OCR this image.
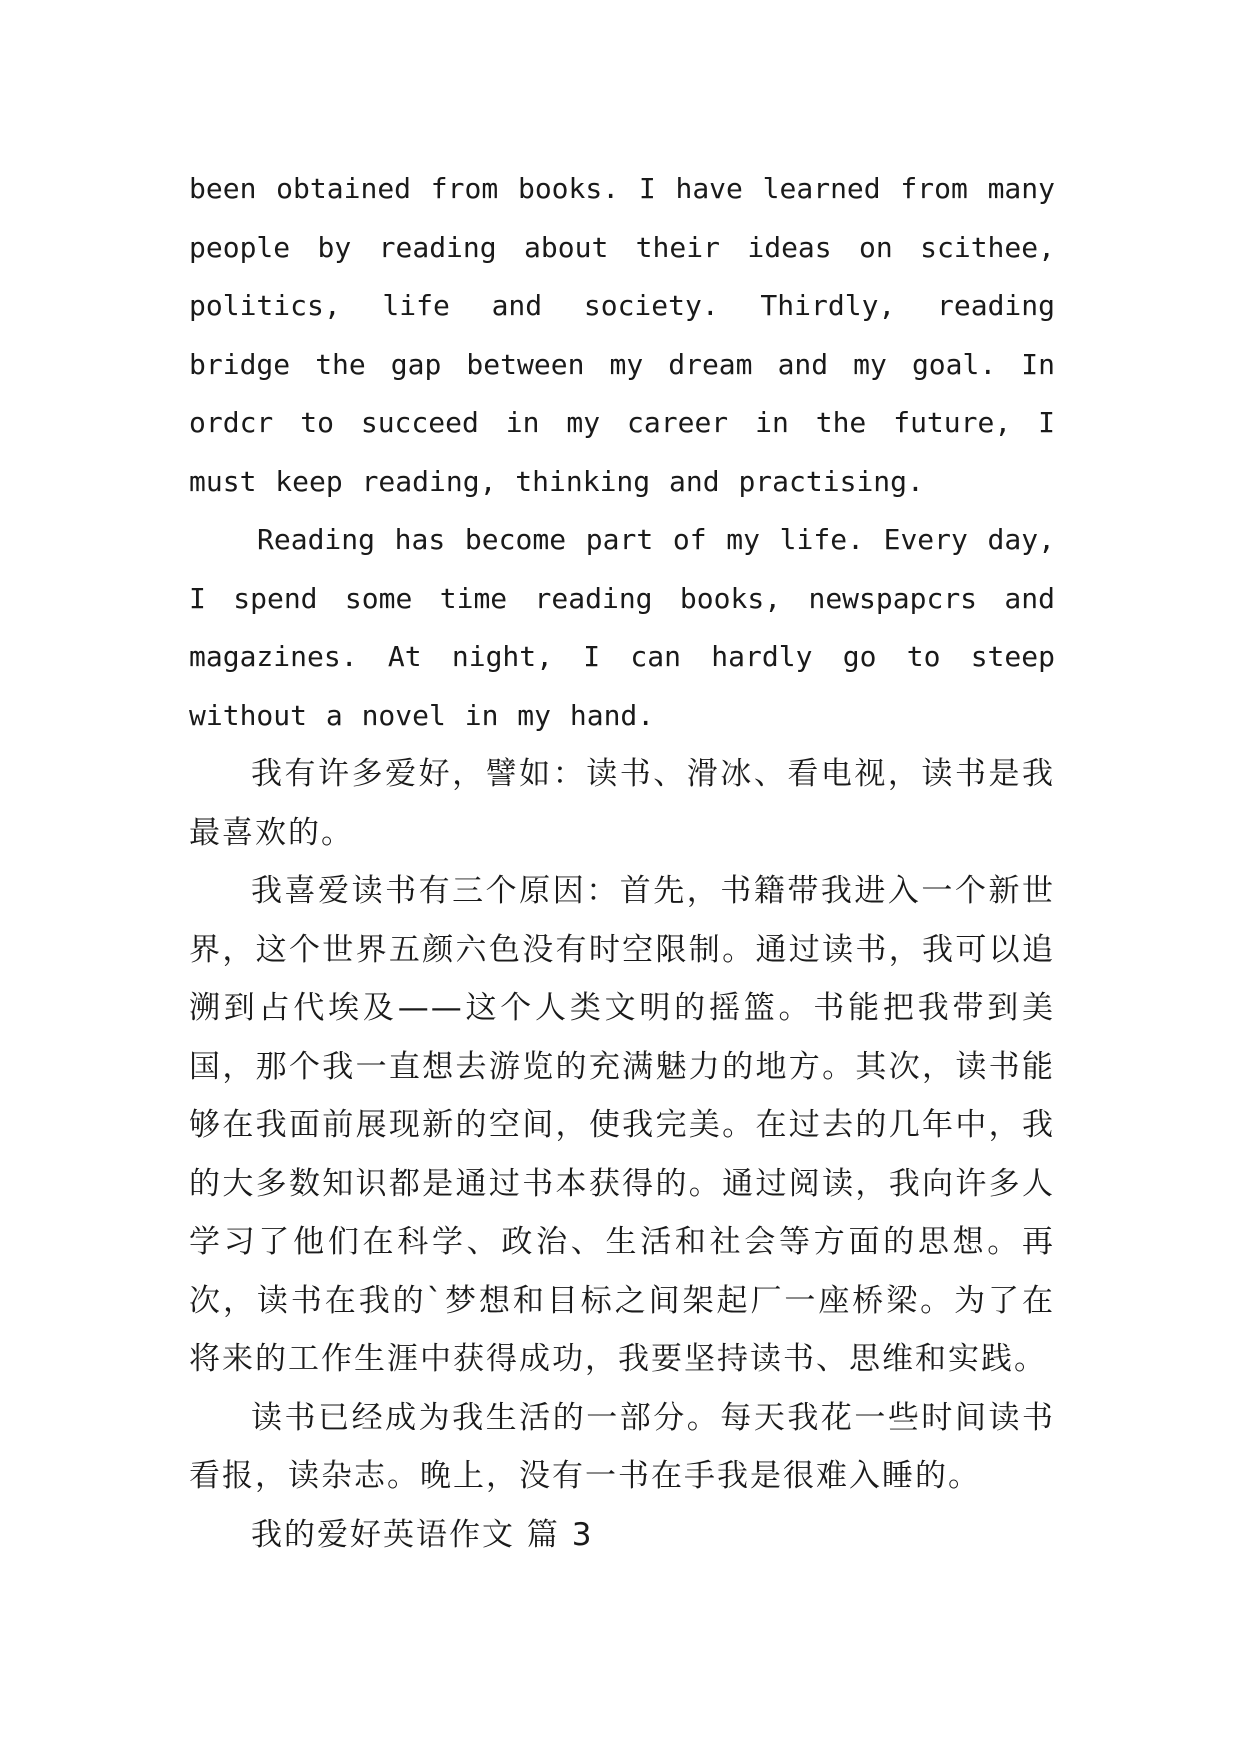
been obtained from books. I have learned from many people by reading about their ideas on scithee, politics, life and society. Thirdly, reading bridge the gap between my dream and my goal. In ordcr to succeed in my career in the future, I must keep reading, thinking and practising.

Reading has become part of my life. Every day, I spend some time reading books, newspapcrs and magazines. At night, I can hardly go to steep without a novel in my hand.

我有许多爱好，譬如：读书、滑冰、看电视，读书是我最喜欢的。

我喜爱读书有三个原因：首先，书籍带我进入一个新世界，这个世界五颜六色没有时空限制。通过读书，我可以追溯到占代埃及——这个人类文明的摇篮。书能把我带到美国，那个我一直想去游览的充满魅力的地方。其次，读书能够在我面前展现新的空间，使我完美。在过去的几年中，我的大多数知识都是通过书本获得的。通过阅读，我向许多人学习了他们在科学、政治、生活和社会等方面的思想。再次，读书在我的`梦想和目标之间架起厂一座桥梁。为了在将来的工作生涯中获得成功，我要坚持读书、思维和实践。

读书已经成为我生活的一部分。每天我花一些时间读书看报，读杂志。晚上，没有一书在手我是很难入睡的。

我的爱好英语作文 篇 3
